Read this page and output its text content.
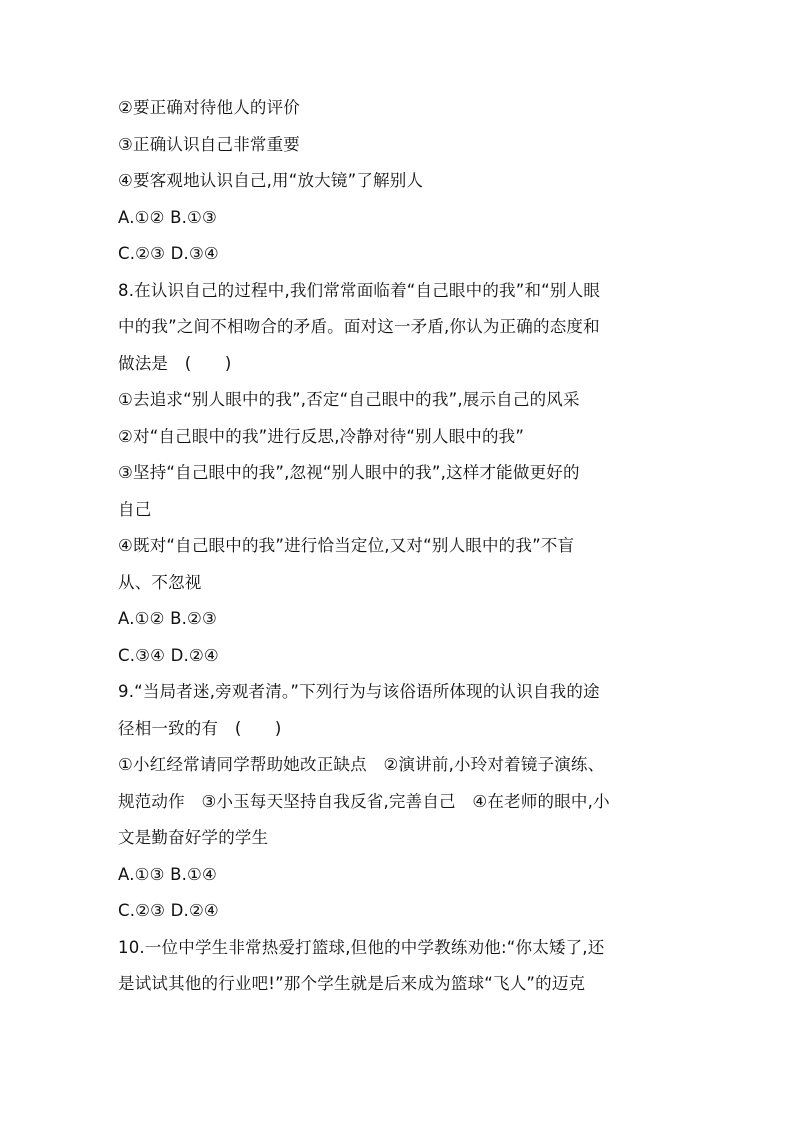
②要正确对待他人的评价
③正确认识自己非常重要
④要客观地认识自己,用“放大镜”了解别人
A.①② B.①③
C.②③ D.③④
8.在认识自己的过程中,我们常常面临着“自己眼中的我”和“别人眼
中的我”之间不相吻合的矛盾。面对这一矛盾,你认为正确的态度和
做法是　(　　)
①去追求“别人眼中的我”,否定“自己眼中的我”,展示自己的风采
②对“自己眼中的我”进行反思,冷静对待“别人眼中的我”
③坚持“自己眼中的我”,忽视“别人眼中的我”,这样才能做更好的
自己
④既对“自己眼中的我”进行恰当定位,又对“别人眼中的我”不盲
从、不忽视
A.①② B.②③
C.③④ D.②④
9.“当局者迷,旁观者清。”下列行为与该俗语所体现的认识自我的途
径相一致的有　(　　)
①小红经常请同学帮助她改正缺点　②演讲前,小玲对着镜子演练、
规范动作　③小玉每天坚持自我反省,完善自己　④在老师的眼中,小
文是勤奋好学的学生
A.①③ B.①④
C.②③ D.②④
10.一位中学生非常热爱打篮球,但他的中学教练劝他:“你太矮了,还
是试试其他的行业吧!”那个学生就是后来成为篮球“飞人”的迈克
